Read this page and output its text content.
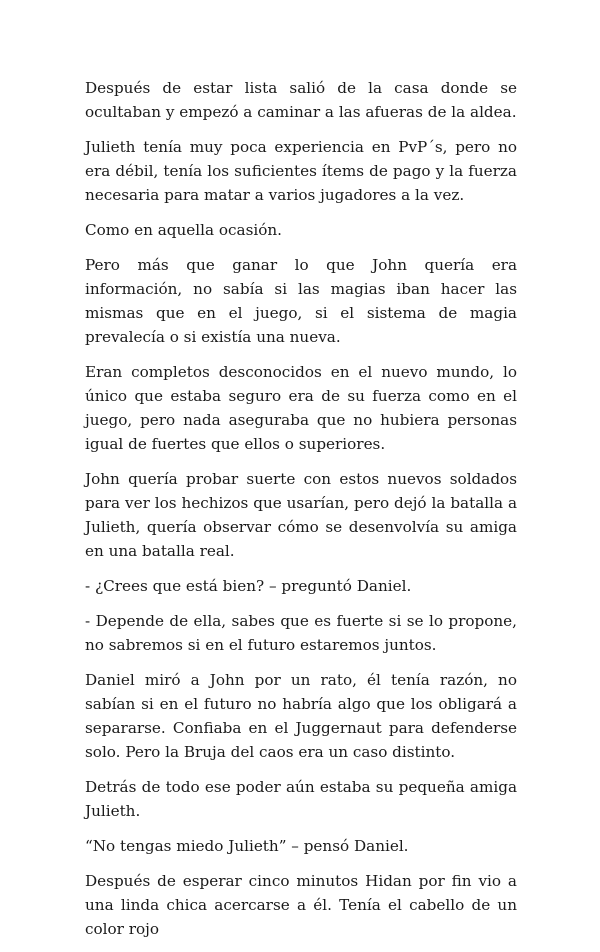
Después de estar lista salió de la casa donde se ocultaban y empezó a caminar a las afueras de la aldea.

Julieth tenía muy poca experiencia en PvP´s, pero no era débil, tenía los suficientes ítems de pago y la fuerza necesaria para matar a varios jugadores a la vez.

Como en aquella ocasión.

Pero más que ganar lo que John quería era información, no sabía si las magias iban hacer las mismas que en el juego, si el sistema de magia prevalecía o si existía una nueva.

Eran completos desconocidos en el nuevo mundo, lo único que estaba seguro era de su fuerza como en el juego, pero nada aseguraba que no hubiera personas igual de fuertes que ellos o superiores.

John quería probar suerte con estos nuevos soldados para ver los hechizos que usarían, pero dejó la batalla a Julieth, quería observar cómo se desenvolvía su amiga en una batalla real.

- ¿Crees que está bien? – preguntó Daniel.

- Depende de ella, sabes que es fuerte si se lo propone, no sabremos si en el futuro estaremos juntos.

Daniel miró a John por un rato, él tenía razón, no sabían si en el futuro no habría algo que los obligará a separarse. Confiaba en el Juggernaut para defenderse solo. Pero la Bruja del caos era un caso distinto.

Detrás de todo ese poder aún estaba su pequeña amiga Julieth.

“No tengas miedo Julieth” – pensó Daniel.

Después de esperar cinco minutos Hidan por fin vio a una linda chica acercarse a él. Tenía el cabello de un color rojo
